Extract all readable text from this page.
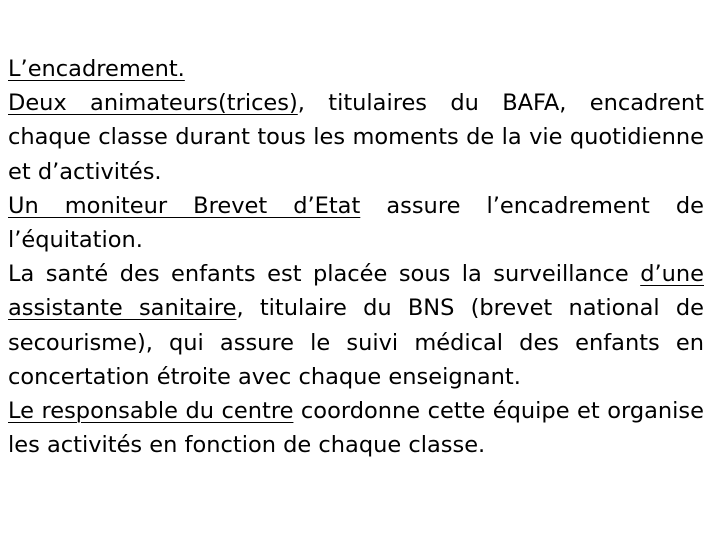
L’encadrement.

Deux animateurs(trices), titulaires du BAFA, encadrent chaque classe durant tous les moments de la vie quotidienne et d’activités.

Un moniteur Brevet d’Etat assure l’encadrement de l’équitation.

La santé des enfants est placée sous la surveillance d’une assistante sanitaire, titulaire du BNS (brevet national de secourisme), qui assure le suivi médical des enfants en concertation étroite avec chaque enseignant.

Le responsable du centre coordonne cette équipe et organise les activités en fonction de chaque classe.
